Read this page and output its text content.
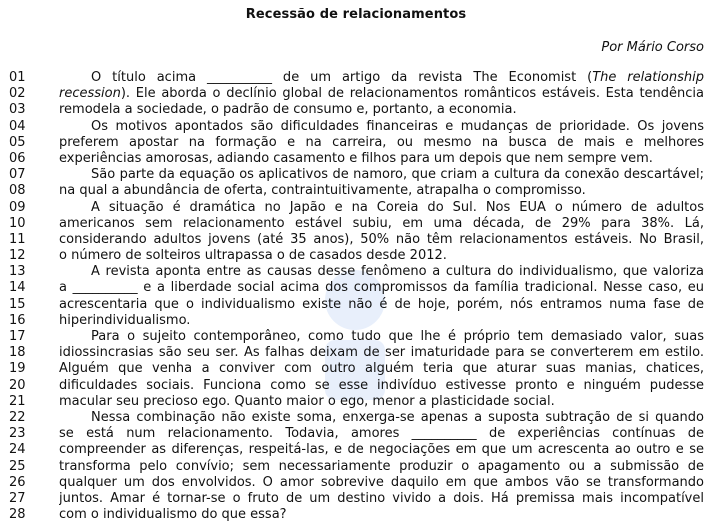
Recessão de relacionamentos
Por Mário Corso
01	O título acima __________ de um artigo da revista The Economist (The relationship
02	recession). Ele aborda o declínio global de relacionamentos românticos estáveis. Esta tendência
03	remodela a sociedade, o padrão de consumo e, portanto, a economia.
04	Os motivos apontados são dificuldades financeiras e mudanças de prioridade. Os jovens
05	preferem apostar na formação e na carreira, ou mesmo na busca de mais e melhores
06	experiências amorosas, adiando casamento e filhos para um depois que nem sempre vem.
07	São parte da equação os aplicativos de namoro, que criam a cultura da conexão descartável;
08	na qual a abundância de oferta, contraintuitivamente, atrapalha o compromisso.
09	A situação é dramática no Japão e na Coreia do Sul. Nos EUA o número de adultos
10	americanos sem relacionamento estável subiu, em uma década, de 29% para 38%. Lá,
11	considerando adultos jovens (até 35 anos), 50% não têm relacionamentos estáveis. No Brasil,
12	o número de solteiros ultrapassa o de casados desde 2012.
13	A revista aponta entre as causas desse fenômeno a cultura do individualismo, que valoriza
14	a __________ e a liberdade social acima dos compromissos da família tradicional. Nesse caso, eu
15	acrescentaria que o individualismo existe não é de hoje, porém, nós entramos numa fase de
16	hiperindividualismo.
17	Para o sujeito contemporâneo, como tudo que lhe é próprio tem demasiado valor, suas
18	idiossincrasias são seu ser. As falhas deixam de ser imaturidade para se converterem em estilo.
19	Alguém que venha a conviver com outro alguém teria que aturar suas manias, chatices,
20	dificuldades sociais. Funciona como se esse indivíduo estivesse pronto e ninguém pudesse
21	macular seu precioso ego. Quanto maior o ego, menor a plasticidade social.
22	Nessa combinação não existe soma, enxerga-se apenas a suposta subtração de si quando
23	se está num relacionamento. Todavia, amores __________ de experiências contínuas de
24	compreender as diferenças, respeitá-las, e de negociações em que um acrescenta ao outro e se
25	transforma pelo convívio; sem necessariamente produzir o apagamento ou a submissão de
26	qualquer um dos envolvidos. O amor sobrevive daquilo em que ambos vão se transformando
27	juntos. Amar é tornar-se o fruto de um destino vivido a dois. Há premissa mais incompatível
28	com o individualismo do que essa?
